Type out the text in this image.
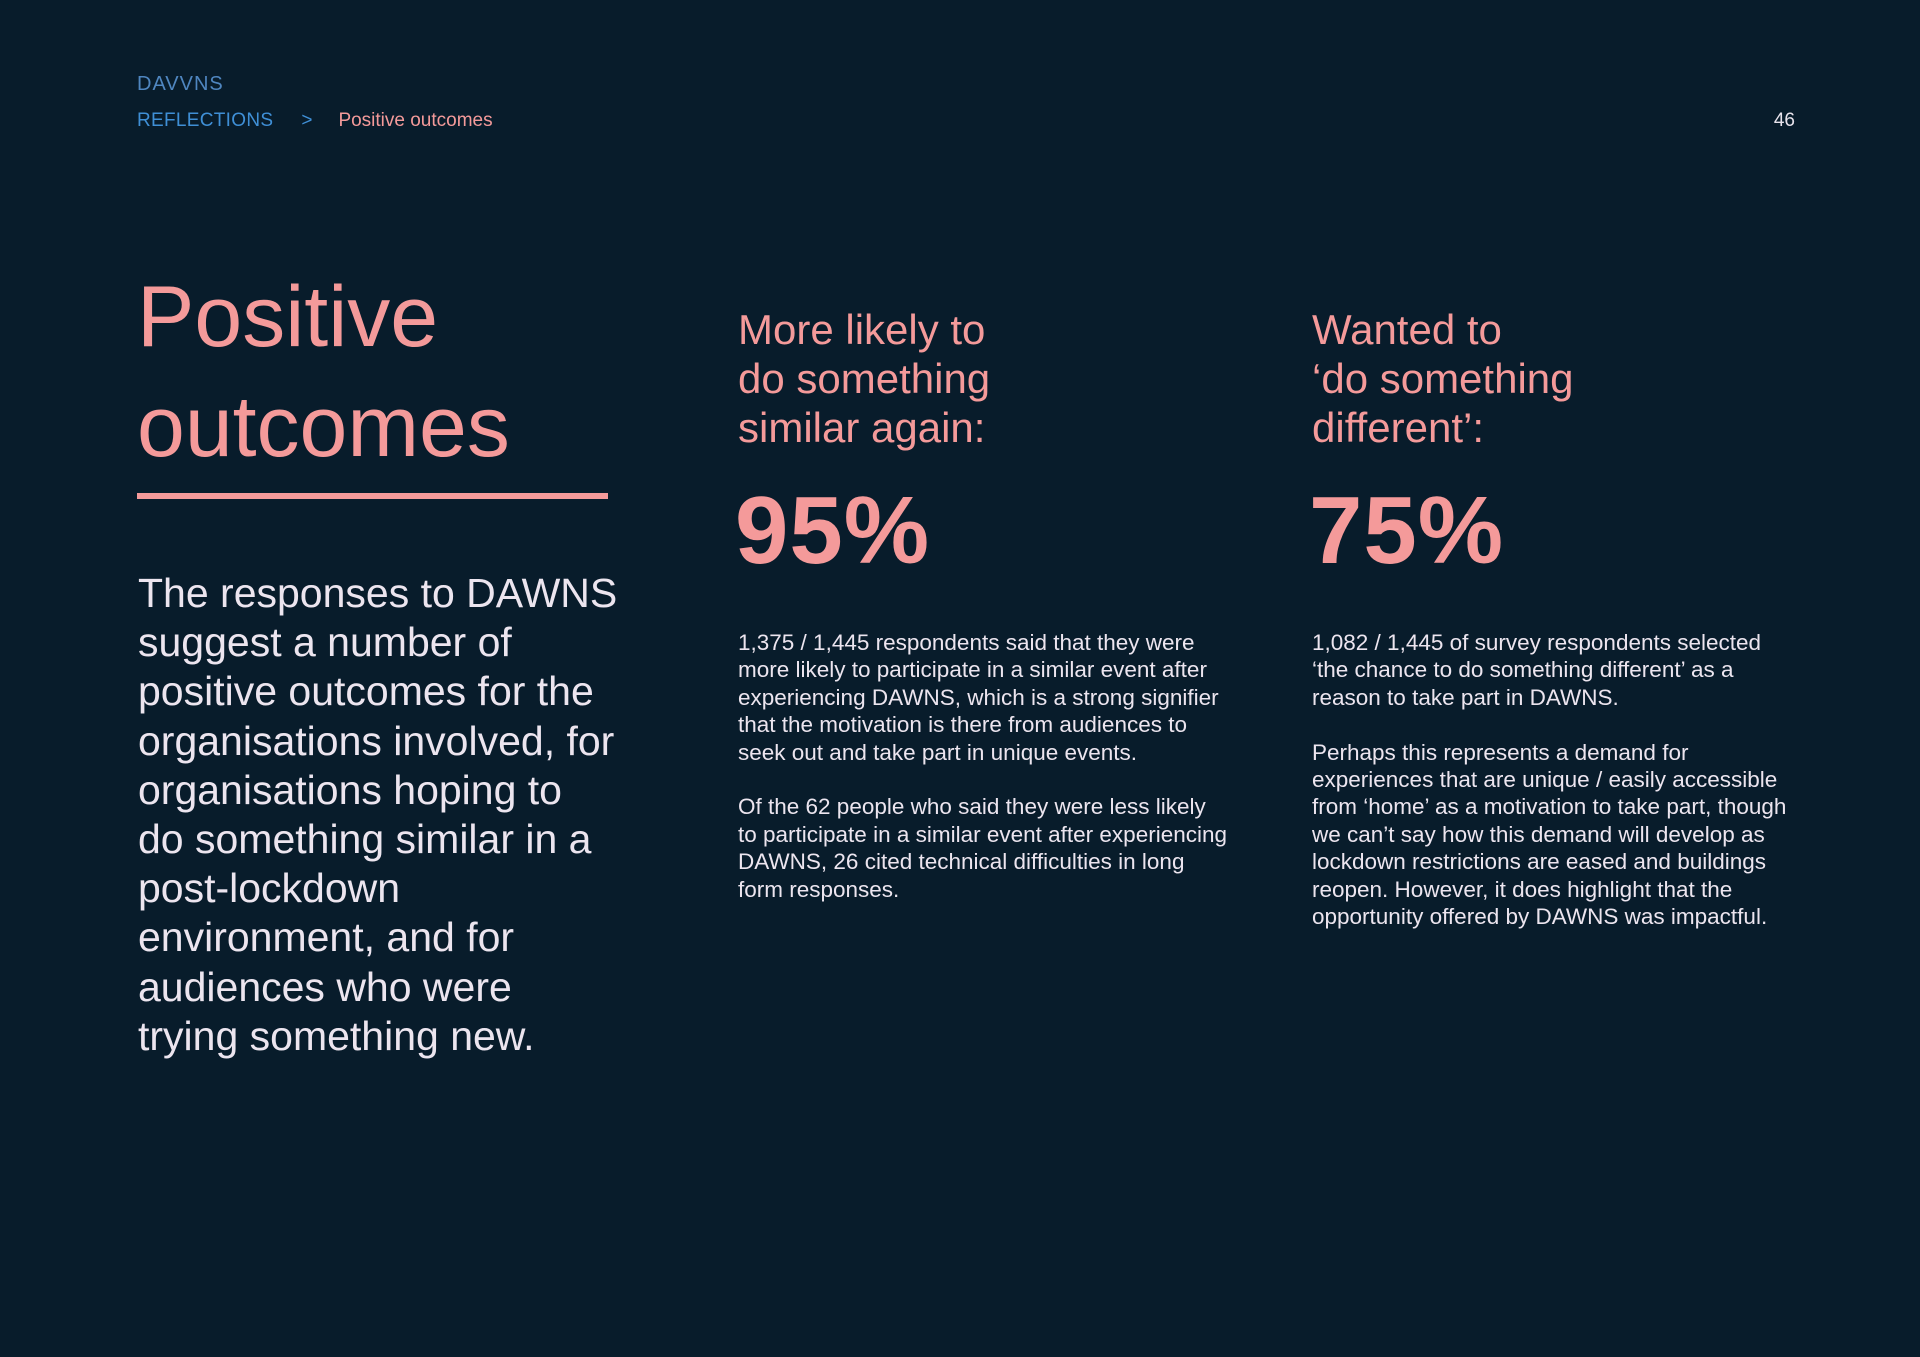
DAVVNS
REFLECTIONS > Positive outcomes	46
Positive
outcomes

The responses to DAWNS suggest a number of positive outcomes for the organisations involved, for organisations hoping to do something similar in a post-lockdown environment, and for audiences who were trying something new.

More likely to
do something
similar again:
95%

1,375 / 1,445 respondents said that they were more likely to participate in a similar event after experiencing DAWNS, which is a strong signifier that the motivation is there from audiences to seek out and take part in unique events.

Of the 62 people who said they were less likely to participate in a similar event after experiencing DAWNS, 26 cited technical difficulties in long form responses.

Wanted to
‘do something
different’:
75%

1,082 / 1,445 of survey respondents selected ‘the chance to do something different’ as a reason to take part in DAWNS.

Perhaps this represents a demand for experiences that are unique / easily accessible from ‘home’ as a motivation to take part, though we can’t say how this demand will develop as lockdown restrictions are eased and buildings reopen. However, it does highlight that the opportunity offered by DAWNS was impactful.
